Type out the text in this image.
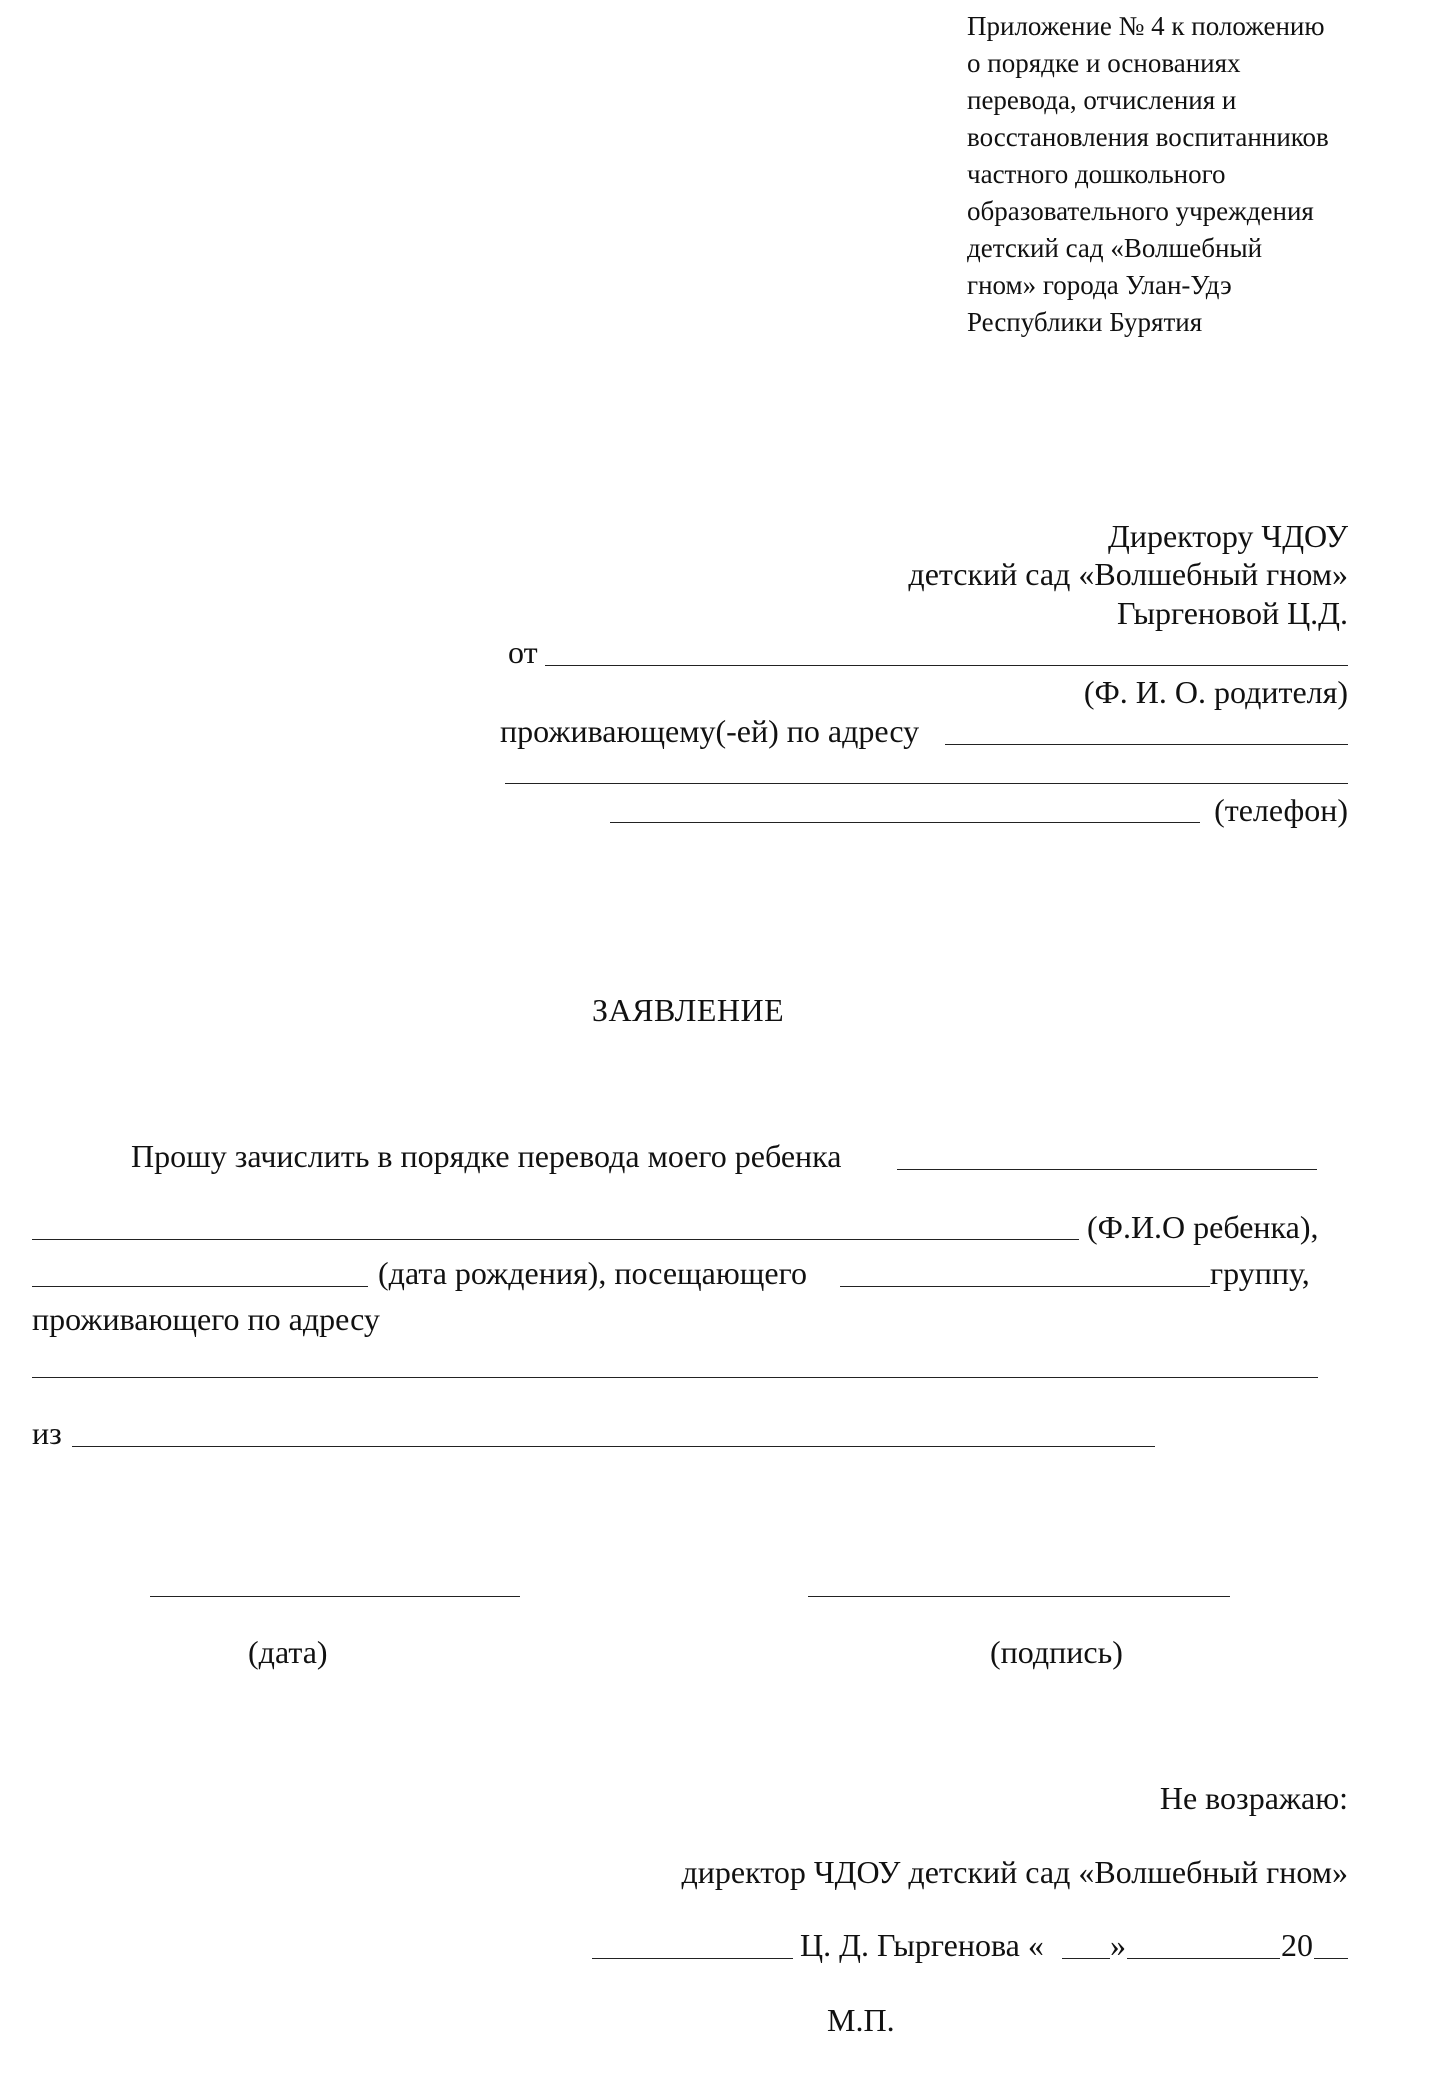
Приложение № 4 к положению
о порядке и основаниях
перевода, отчисления и
восстановления воспитанников
частного дошкольного
образовательного учреждения
детский сад «Волшебный
гном» города Улан-Удэ
Республики Бурятия
Директору ЧДОУ
детский сад «Волшебный гном»
Гыргеновой Ц.Д.
от
(Ф. И. О. родителя)
проживающему(-ей) по адресу
(телефон)
ЗАЯВЛЕНИЕ
Прошу зачислить в порядке перевода моего ребенка
(Ф.И.О ребенка),
(дата рождения), посещающего	группу,
проживающего по адресу
из
(дата)	(подпись)
Не возражаю:
директор ЧДОУ детский сад «Волшебный гном»
Ц. Д. Гыргенова « »	20
М.П.
